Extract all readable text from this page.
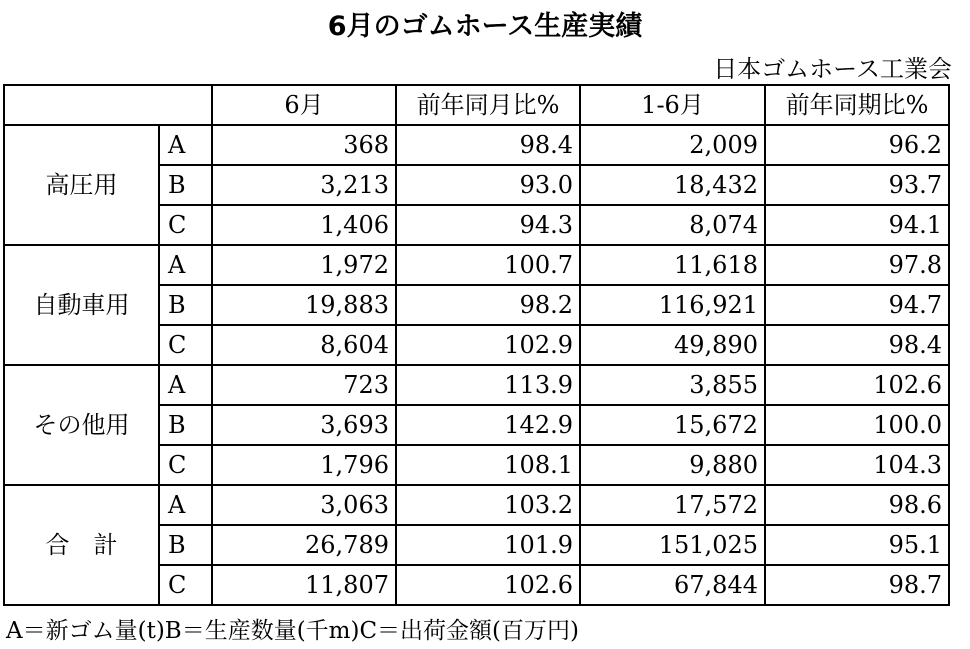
6月のゴムホース生産実績
日本ゴムホース工業会
		6月	前年同月比%	1-6月	前年同期比%
高圧用	A	368	98.4	2,009	96.2
	B	3,213	93.0	18,432	93.7
	C	1,406	94.3	8,074	94.1
自動車用	A	1,972	100.7	11,618	97.8
	B	19,883	98.2	116,921	94.7
	C	8,604	102.9	49,890	98.4
その他用	A	723	113.9	3,855	102.6
	B	3,693	142.9	15,672	100.0
	C	1,796	108.1	9,880	104.3
合　計	A	3,063	103.2	17,572	98.6
	B	26,789	101.9	151,025	95.1
	C	11,807	102.6	67,844	98.7
A＝新ゴム量(t)B＝生産数量(千m)C＝出荷金額(百万円)
